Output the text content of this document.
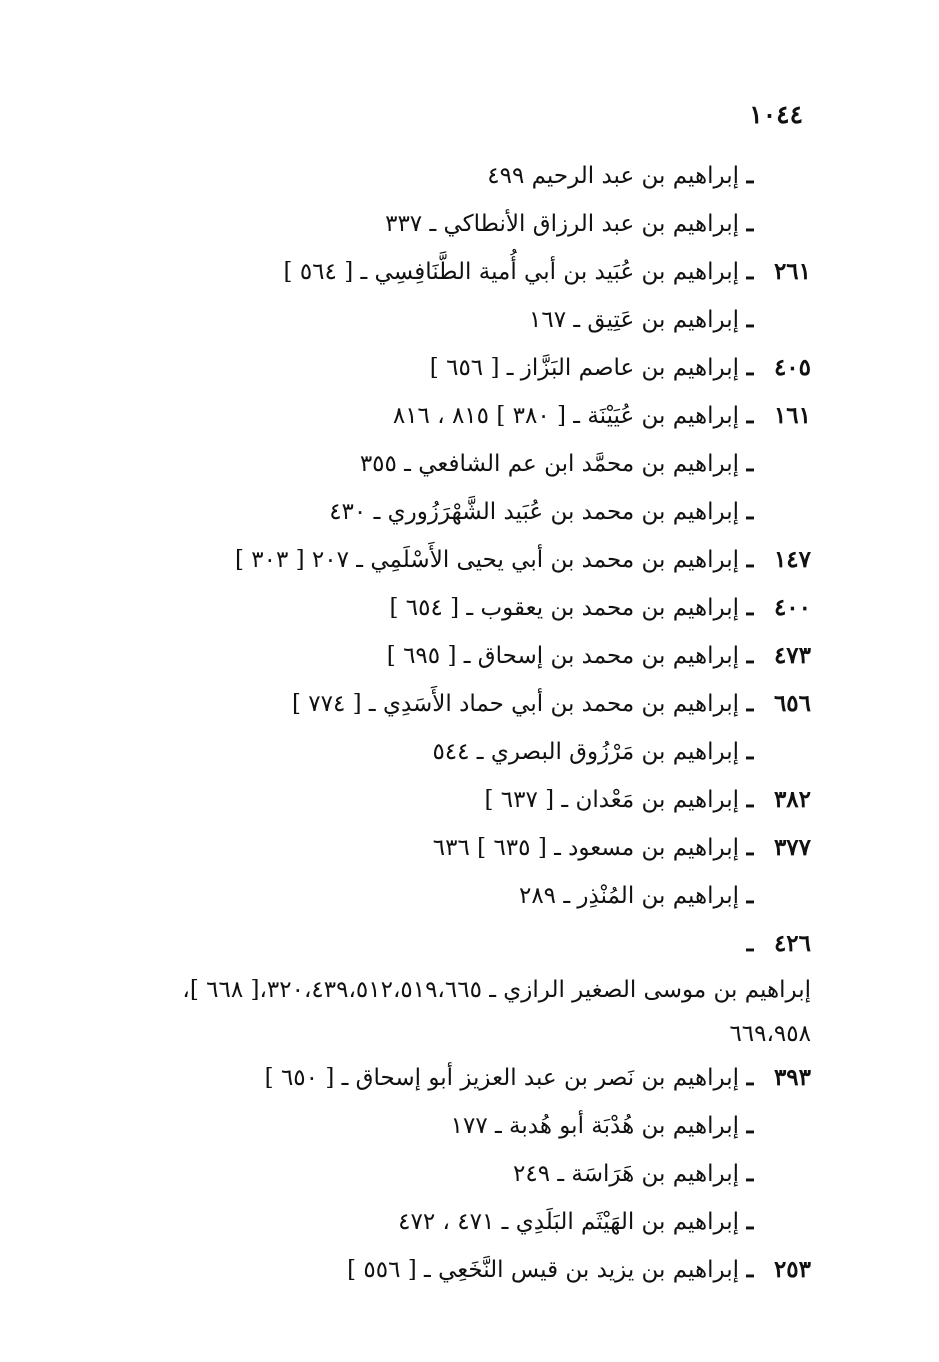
١٠٤٤
ـ
إبراهيم بن عبد الرحيم ٤٩٩
ـ
إبراهيم بن عبد الرزاق الأنطاكي ـ ٣٣٧
٢٦١
ـ
إبراهيم بن عُبَيد بن أبي أُمية الطَّنَافِسِي ـ [ ٥٦٤ ]
ـ
إبراهيم بن عَتِيق ـ ١٦٧
٤٠٥
ـ
إبراهيم بن عاصم البَزَّاز ـ [ ٦٥٦ ]
١٦١
ـ
إبراهيم بن عُيَيْنَة ـ [ ٣٨٠ ] ٨١٥ ، ٨١٦
ـ
إبراهيم بن محمَّد ابن عم الشافعي ـ ٣٥٥
ـ
إبراهيم بن محمد بن عُبَيد الشَّهْرَزُوري ـ ٤٣٠
١٤٧
ـ
إبراهيم بن محمد بن أبي يحيى الأَسْلَمِي ـ ٢٠٧ [ ٣٠٣ ]
٤٠٠
ـ
إبراهيم بن محمد بن يعقوب ـ [ ٦٥٤ ]
٤٧٣
ـ
إبراهيم بن محمد بن إسحاق ـ [ ٦٩٥ ]
٦٥٦
ـ
إبراهيم بن محمد بن أبي حماد الأَسَدِي ـ [ ٧٧٤ ]
ـ
إبراهيم بن مَرْزُوق البصري ـ ٥٤٤
٣٨٢
ـ
إبراهيم بن مَعْدان ـ [ ٦٣٧ ]
٣٧٧
ـ
إبراهيم بن مسعود ـ [ ٦٣٥ ] ٦٣٦
ـ
إبراهيم بن المُنْذِر ـ ٢٨٩
٤٢٦
ـ
إبراهيم بن موسى الصغير الرازي ـ ٣٢٠،٤٣٩،٥١٢،٥١٩،٦٦٥،[ ٦٦٨ ]،
٦٦٩،٩٥٨
٣٩٣
ـ
إبراهيم بن نَصر بن عبد العزيز أبو إسحاق ـ [ ٦٥٠ ]
ـ
إبراهيم بن هُدْبَة أبو هُدبة ـ ١٧٧
ـ
إبراهيم بن هَرَاسَة ـ ٢٤٩
ـ
إبراهيم بن الهَيْثَم البَلَدِي ـ ٤٧١ ، ٤٧٢
٢٥٣
ـ
إبراهيم بن يزيد بن قيس النَّخَعِي ـ [ ٥٥٦ ]
